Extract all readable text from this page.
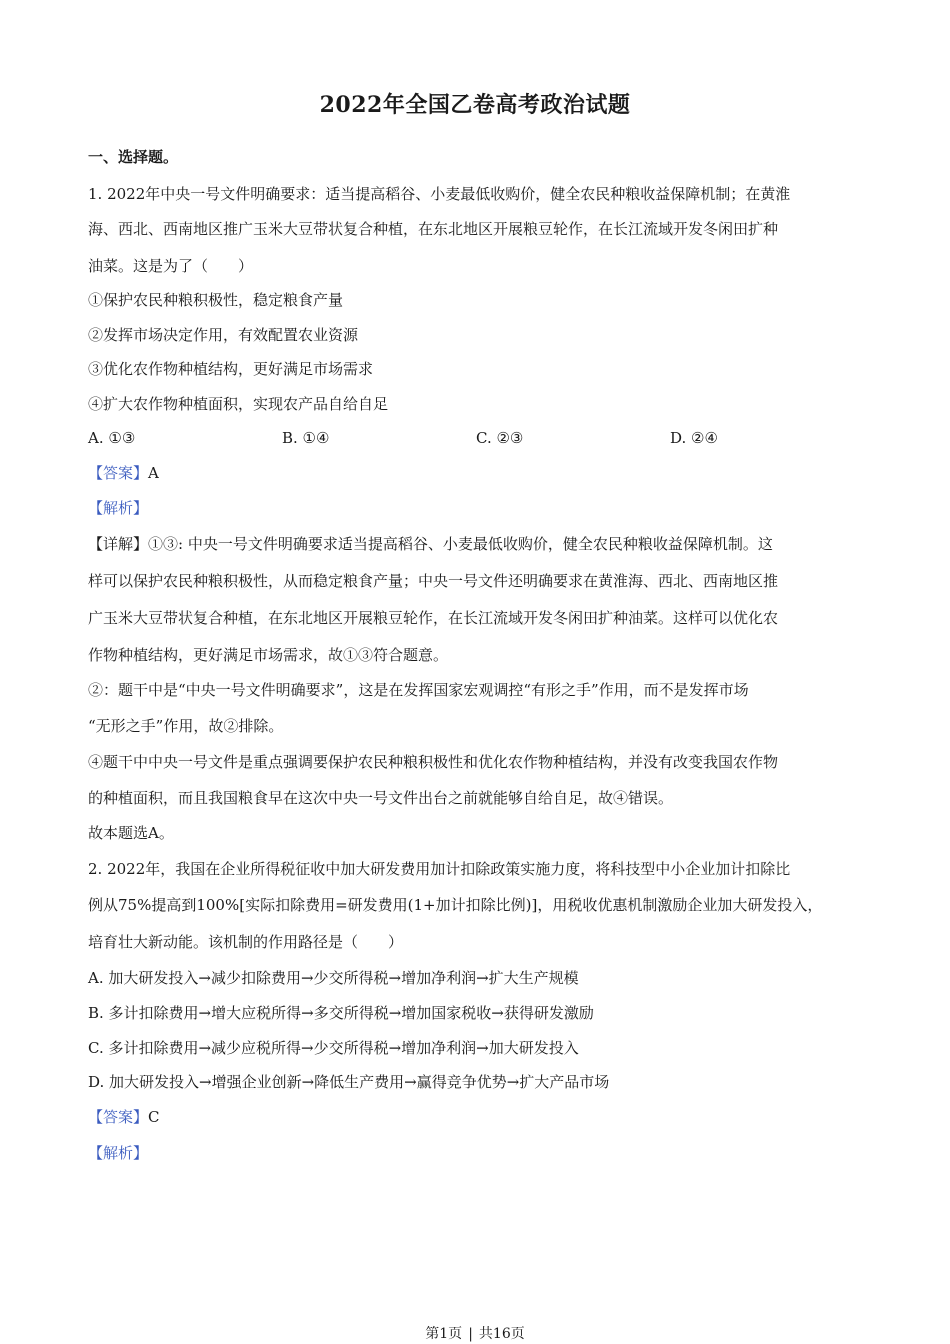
2022年全国乙卷高考政治试题
一、选择题。
1. 2022年中央一号文件明确要求：适当提高稻谷、小麦最低收购价，健全农民种粮收益保障机制；在黄淮
海、西北、西南地区推广玉米大豆带状复合种植，在东北地区开展粮豆轮作，在长江流域开发冬闲田扩种
油菜。这是为了（　　）
①保护农民种粮积极性，稳定粮食产量
②发挥市场决定作用，有效配置农业资源
③优化农作物种植结构，更好满足市场需求
④扩大农作物种植面积，实现农产品自给自足
A. ①③	B. ①④	C. ②③	D. ②④
【答案】A
【解析】
【详解】①③: 中央一号文件明确要求适当提高稻谷、小麦最低收购价，健全农民种粮收益保障机制。这
样可以保护农民种粮积极性，从而稳定粮食产量；中央一号文件还明确要求在黄淮海、西北、西南地区推
广玉米大豆带状复合种植，在东北地区开展粮豆轮作，在长江流域开发冬闲田扩种油菜。这样可以优化农
作物种植结构，更好满足市场需求，故①③符合题意。
②：题干中是“中央一号文件明确要求”，这是在发挥国家宏观调控“有形之手”作用，而不是发挥市场
“无形之手”作用，故②排除。
④题干中中央一号文件是重点强调要保护农民种粮积极性和优化农作物种植结构，并没有改变我国农作物
的种植面积，而且我国粮食早在这次中央一号文件出台之前就能够自给自足，故④错误。
故本题选A。
2. 2022年，我国在企业所得税征收中加大研发费用加计扣除政策实施力度，将科技型中小企业加计扣除比
例从75%提高到100%[实际扣除费用=研发费用(1+加计扣除比例)]，用税收优惠机制激励企业加大研发投入，
培育壮大新动能。该机制的作用路径是（　　）
A. 加大研发投入→减少扣除费用→少交所得税→增加净利润→扩大生产规模
B. 多计扣除费用→增大应税所得→多交所得税→增加国家税收→获得研发激励
C. 多计扣除费用→减少应税所得→少交所得税→增加净利润→加大研发投入
D. 加大研发投入→增强企业创新→降低生产费用→赢得竞争优势→扩大产品市场
【答案】C
【解析】
第1页 | 共16页
